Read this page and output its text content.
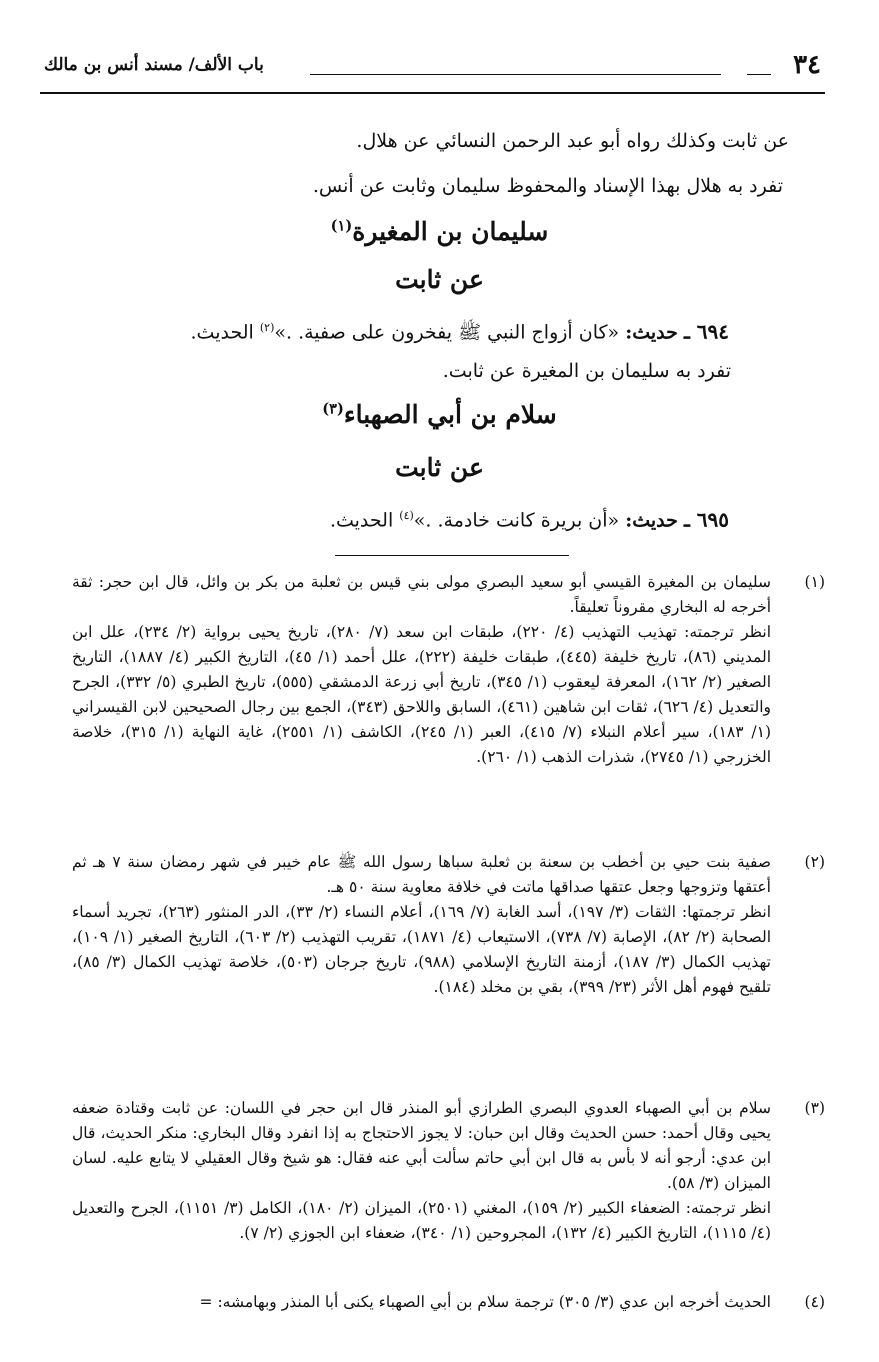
٣٤
باب الألف/ مسند أنس بن مالك
عن ثابت وكذلك رواه أبو عبد الرحمن النسائي عن هلال.
تفرد به هلال بهذا الإسناد والمحفوظ سليمان وثابت عن أنس.
سليمان بن المغيرة$^{(١)}$
عن ثابت
٦٩٤ ـ حديث: «كان أزواج النبي ﷺ يفخرون على صفية. .»$^{(٢)}$ الحديث.
تفرد به سليمان بن المغيرة عن ثابت.
سلام بن أبي الصهباء$^{(٣)}$
عن ثابت
٦٩٥ ـ حديث: «أن بريرة كانت خادمة. .»$^{(٤)}$ الحديث.
(١)

سليمان بن المغيرة القيسي أبو سعيد البصري مولى بني قيس بن ثعلبة من بكر بن وائل، قال ابن حجر: ثقة أخرجه له البخاري مقروناً تعليقاً.

انظر ترجمته: تهذيب التهذيب (٤/ ٢٢٠)، طبقات ابن سعد (٧/ ٢٨٠)، تاريخ يحيى برواية (٢/ ٢٣٤)، علل ابن المديني (٨٦)، تاريخ خليفة (٤٤٥)، طبقات خليفة (٢٢٢)، علل أحمد (١/ ٤٥)، التاريخ الكبير (٤/ ١٨٨٧)، التاريخ الصغير (٢/ ١٦٢)، المعرفة ليعقوب (١/ ٣٤٥)، تاريخ أبي زرعة الدمشقي (٥٥٥)، تاريخ الطبري (٥/ ٣٣٢)، الجرح والتعديل (٤/ ٦٢٦)، ثقات ابن شاهين (٤٦١)، السابق واللاحق (٣٤٣)، الجمع بين رجال الصحيحين لابن القيسراني (١/ ١٨٣)، سير أعلام النبلاء (٧/ ٤١٥)، العبر (١/ ٢٤٥)، الكاشف (١/ ٢٥٥١)، غاية النهاية (١/ ٣١٥)، خلاصة الخزرجي (١/ ٢٧٤٥)، شذرات الذهب (١/ ٢٦٠).

(٢)

صفية بنت حيي بن أخطب بن سعنة بن ثعلبة سباها رسول الله ﷺ عام خيبر في شهر رمضان سنة ٧ هـ ثم أعتقها وتزوجها وجعل عتقها صداقها ماتت في خلافة معاوية سنة ٥٠ هـ.

انظر ترجمتها: الثقات (٣/ ١٩٧)، أسد الغابة (٧/ ١٦٩)، أعلام النساء (٢/ ٣٣)، الدر المنثور (٢٦٣)، تجريد أسماء الصحابة (٢/ ٨٢)، الإصابة (٧/ ٧٣٨)، الاستيعاب (٤/ ١٨٧١)، تقريب التهذيب (٢/ ٦٠٣)، التاريخ الصغير (١/ ١٠٩)، تهذيب الكمال (٣/ ١٨٧)، أزمنة التاريخ الإسلامي (٩٨٨)، تاريخ جرجان (٥٠٣)، خلاصة تهذيب الكمال (٣/ ٨٥)، تلقيح فهوم أهل الأثر (٢٣/ ٣٩٩)، بقي بن مخلد (١٨٤).

(٣)

سلام بن أبي الصهباء العدوي البصري الطرازي أبو المنذر قال ابن حجر في اللسان: عن ثابت وقتادة ضعفه يحيى وقال أحمد: حسن الحديث وقال ابن حبان: لا يجوز الاحتجاج به إذا انفرد وقال البخاري: منكر الحديث، قال ابن عدي: أرجو أنه لا بأس به قال ابن أبي حاتم سألت أبي عنه فقال: هو شيخ وقال العقيلي لا يتابع عليه. لسان الميزان (٣/ ٥٨).

انظر ترجمته: الضعفاء الكبير (٢/ ١٥٩)، المغني (٢٥٠١)، الميزان (٢/ ١٨٠)، الكامل (٣/ ١١٥١)، الجرح والتعديل (٤/ ١١١٥)، التاريخ الكبير (٤/ ١٣٢)، المجروحين (١/ ٣٤٠)، ضعفاء ابن الجوزي (٢/ ٧).

(٤)

الحديث أخرجه ابن عدي (٣/ ٣٠٥) ترجمة سلام بن أبي الصهباء يكنى أبا المنذر وبهامشه: =
